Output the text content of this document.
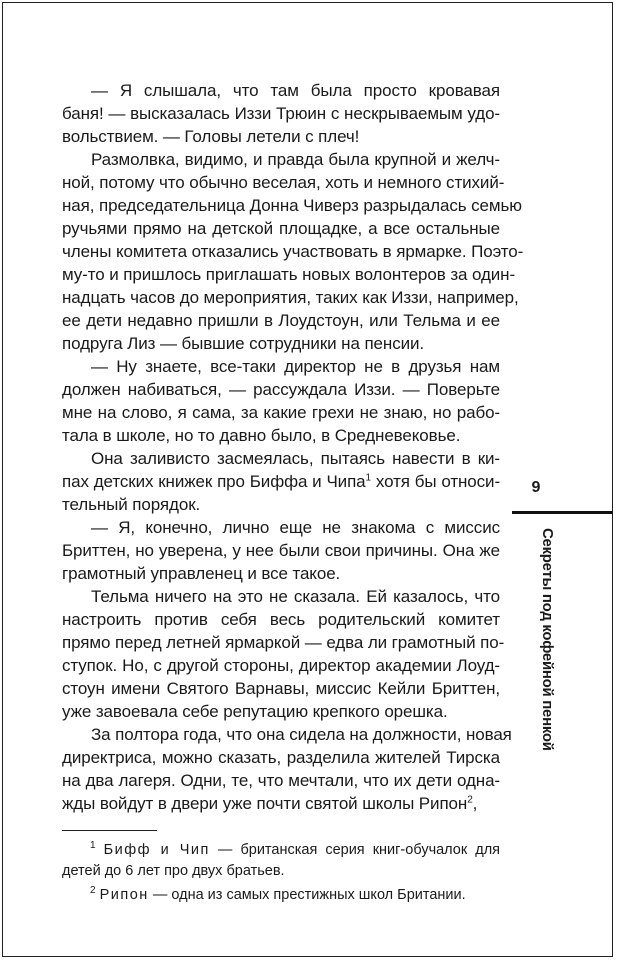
— Я слышала, что там была просто кровавая
баня! — высказалась Иззи Трюин с нескрываемым удо-
вольствием. — Головы летели с плеч!
Размолвка, видимо, и правда была крупной и желч-
ной, потому что обычно веселая, хоть и немного стихий-
ная, председательница Донна Чиверз разрыдалась семью
ручьями прямо на детской площадке, а все остальные
члены комитета отказались участвовать в ярмарке. Поэто-
му-то и пришлось приглашать новых волонтеров за один-
надцать часов до мероприятия, таких как Иззи, например,
ее дети недавно пришли в Лоудстоун, или Тельма и ее
подруга Лиз — бывшие сотрудники на пенсии.
— Ну знаете, все-таки директор не в друзья нам
должен набиваться, — рассуждала Иззи. — Поверьте
мне на слово, я сама, за какие грехи не знаю, но рабо-
тала в школе, но то давно было, в Средневековье.
Она заливисто засмеялась, пытаясь навести в ки-
пах детских книжек про Биффа и Чипа$^1$ хотя бы относи-
тельный порядок.
— Я, конечно, лично еще не знакома с миссис
Бриттен, но уверена, у нее были свои причины. Она же
грамотный управленец и все такое.
Тельма ничего на это не сказала. Ей казалось, что
настроить против себя весь родительский комитет
прямо перед летней ярмаркой — едва ли грамотный по-
ступок. Но, с другой стороны, директор академии Лоуд-
стоун имени Святого Варнавы, миссис Кейли Бриттен,
уже завоевала себе репутацию крепкого орешка.
За полтора года, что она сидела на должности, новая
директриса, можно сказать, разделила жителей Тирска
на два лагеря. Одни, те, что мечтали, что их дети одна-
жды войдут в двери уже почти святой школы Рипон$^2$,
$^1$ Бифф и Чип — британская серия книг-обучалок для
детей до 6 лет про двух братьев.
$^2$ Рипон — одна из самых престижных школ Британии.
9
Секреты под кофейной пенкой
